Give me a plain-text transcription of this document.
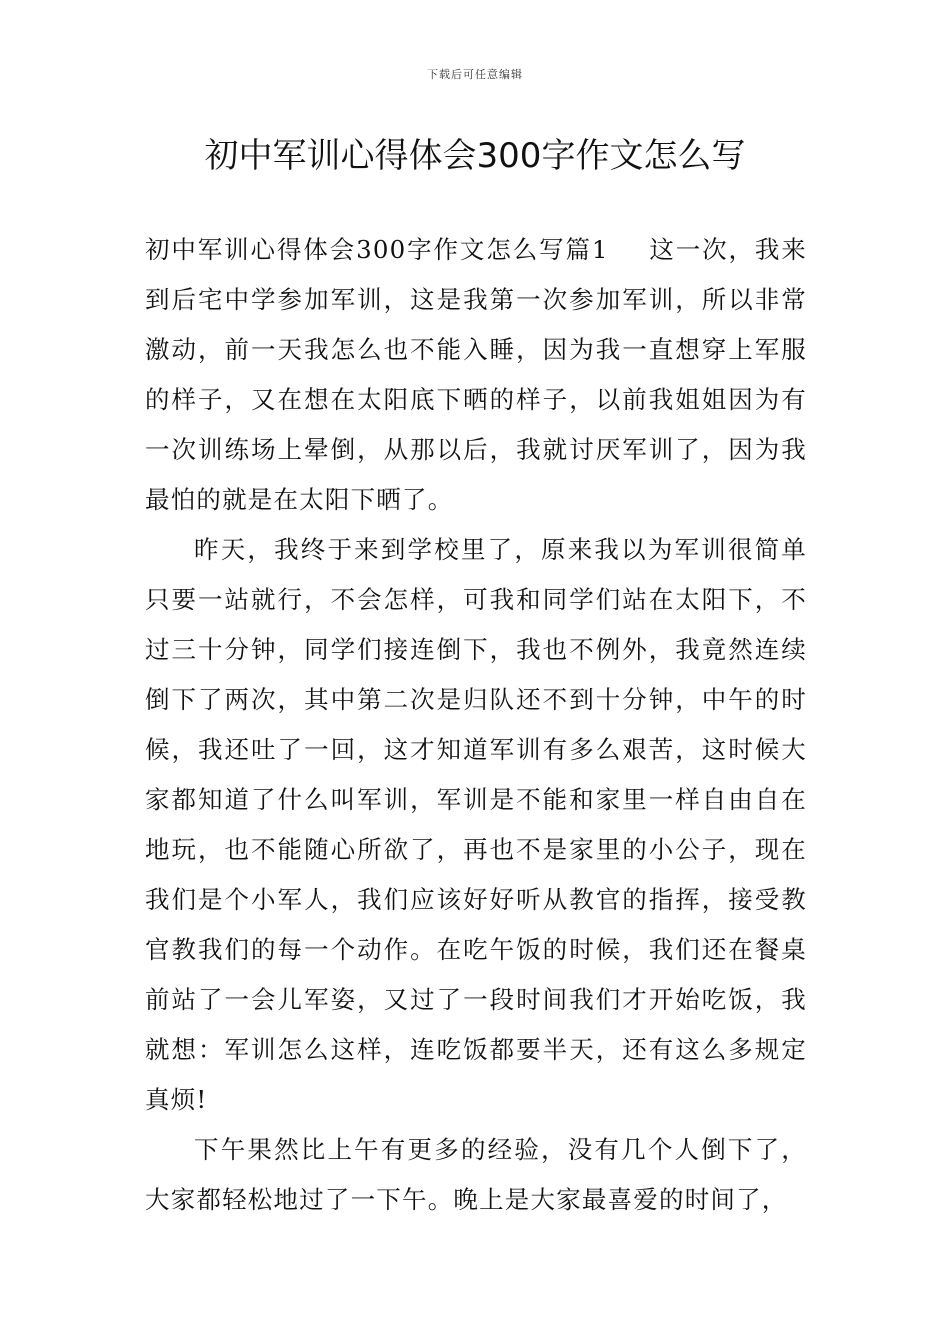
下载后可任意编辑
初中军训心得体会300字作文怎么写

初中军训心得体会300字作文怎么写篇1 这一次，我来到后宅中学参加军训，这是我第一次参加军训，所以非常激动，前一天我怎么也不能入睡，因为我一直想穿上军服的样子，又在想在太阳底下晒的样子，以前我姐姐因为有一次训练场上晕倒，从那以后，我就讨厌军训了，因为我最怕的就是在太阳下晒了。

昨天，我终于来到学校里了，原来我以为军训很简单只要一站就行，不会怎样，可我和同学们站在太阳下，不过三十分钟，同学们接连倒下，我也不例外，我竟然连续倒下了两次，其中第二次是归队还不到十分钟，中午的时候，我还吐了一回，这才知道军训有多么艰苦，这时候大家都知道了什么叫军训，军训是不能和家里一样自由自在地玩，也不能随心所欲了，再也不是家里的小公子，现在我们是个小军人，我们应该好好听从教官的指挥，接受教官教我们的每一个动作。在吃午饭的时候，我们还在餐桌前站了一会儿军姿，又过了一段时间我们才开始吃饭，我就想：军训怎么这样，连吃饭都要半天，还有这么多规定真烦!

下午果然比上午有更多的经验，没有几个人倒下了，大家都轻松地过了一下午。晚上是大家最喜爱的时间了，
